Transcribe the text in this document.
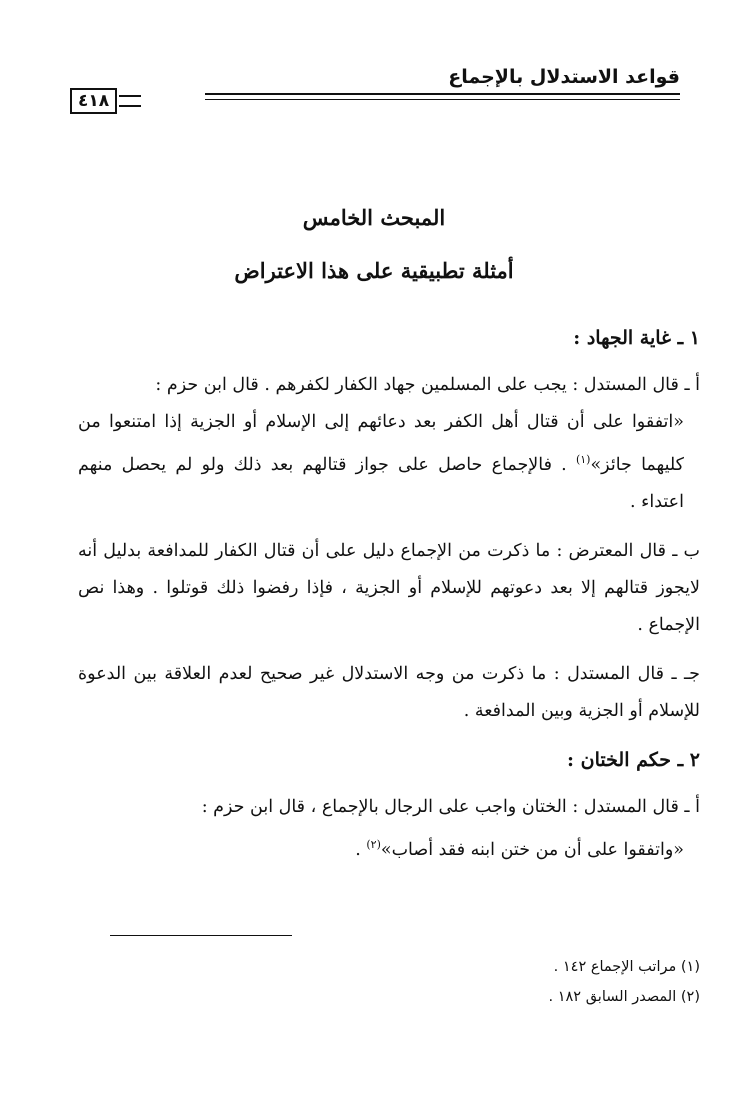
قواعد الاستدلال بالإجماع
٤١٨
المبحث الخامس
أمثلة تطبيقية على هذا الاعتراض
١ ـ غاية الجهاد :
أ ـ قال المستدل : يجب على المسلمين جهاد الكفار لكفرهم . قال ابن حزم :
«اتفقوا على أن قتال أهل الكفر بعد دعائهم إلى الإسلام أو الجزية إذا امتنعوا من كليهما جائز»$^{(١)}$ . فالإجماع حاصل على جواز قتالهم بعد ذلك ولو لم يحصل منهم اعتداء .
ب ـ قال المعترض : ما ذكرت من الإجماع دليل على أن قتال الكفار للمدافعة بدليل أنه لايجوز قتالهم إلا بعد دعوتهم للإسلام أو الجزية ، فإذا رفضوا ذلك قوتلوا . وهذا نص الإجماع .
جـ ـ قال المستدل : ما ذكرت من وجه الاستدلال غير صحيح لعدم العلاقة بين الدعوة للإسلام أو الجزية وبين المدافعة .
٢ ـ حكم الختان :
أ ـ قال المستدل : الختان واجب على الرجال بالإجماع ، قال ابن حزم :
«واتفقوا على أن من ختن ابنه فقد أصاب»$^{(٢)}$ .
(١) مراتب الإجماع ١٤٢ .
(٢) المصدر السابق ١٨٢ .
